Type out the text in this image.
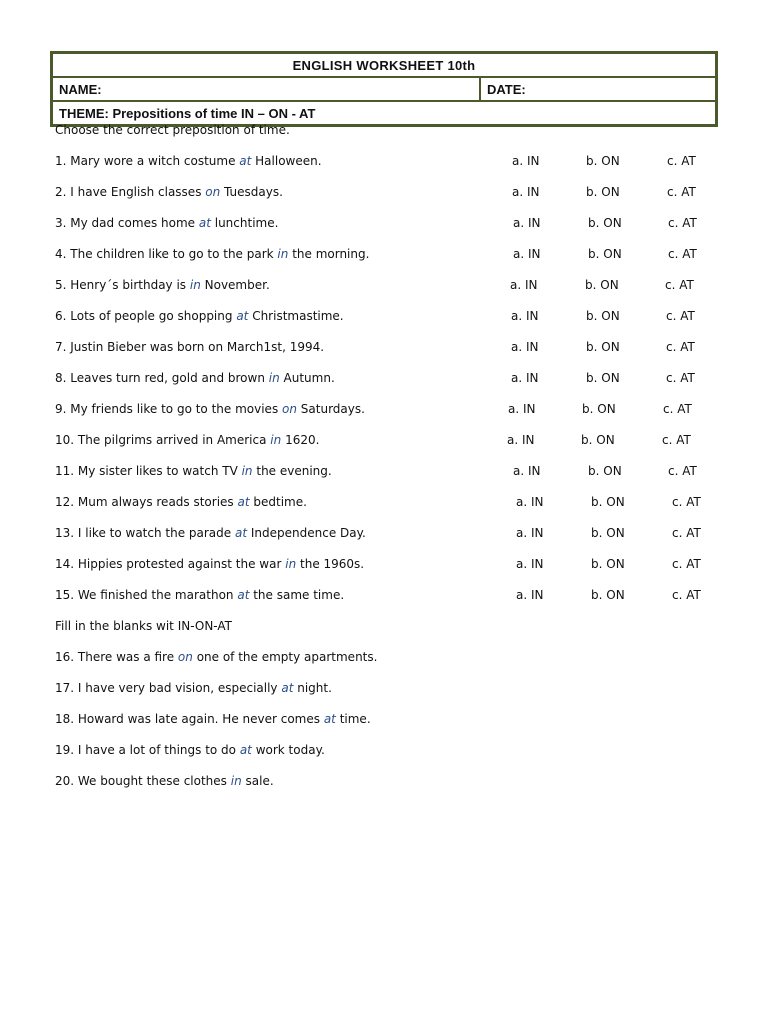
ENGLISH WORKSHEET 10th
NAME:	DATE:
THEME: Prepositions of time IN – ON - AT
Choose the correct preposition of time.
1. Mary wore a witch costume at Halloween.	a. IN	b. ON	c. AT
2. I have English classes on Tuesdays.	a. IN	b. ON	c. AT
3. My dad comes home at lunchtime.	a. IN	b. ON	c. AT
4. The children like to go to the park in the morning.	a. IN	b. ON	c. AT
5. Henry´s birthday is in November.	a. IN	b. ON	c. AT
6. Lots of people go shopping at Christmastime.	a. IN	b. ON	c. AT
7. Justin Bieber was born on March1st, 1994.	a. IN	b. ON	c. AT
8. Leaves turn red, gold and brown in Autumn.	a. IN	b. ON	c. AT
9. My friends like to go to the movies on Saturdays.	a. IN	b. ON	c. AT
10. The pilgrims arrived in America in 1620.	a. IN	b. ON	c. AT
11. My sister likes to watch TV in the evening.	a. IN	b. ON	c. AT
12. Mum always reads stories at bedtime.	a. IN	b. ON	c. AT
13. I like to watch the parade at Independence Day.	a. IN	b. ON	c. AT
14. Hippies protested against the war in the 1960s.	a. IN	b. ON	c. AT
15. We finished the marathon at the same time.	a. IN	b. ON	c. AT
Fill in the blanks wit IN-ON-AT
16. There was a fire on one of the empty apartments.
17. I have very bad vision, especially at night.
18. Howard was late again. He never comes at time.
19. I have a lot of things to do at work today.
20. We bought these clothes in sale.
